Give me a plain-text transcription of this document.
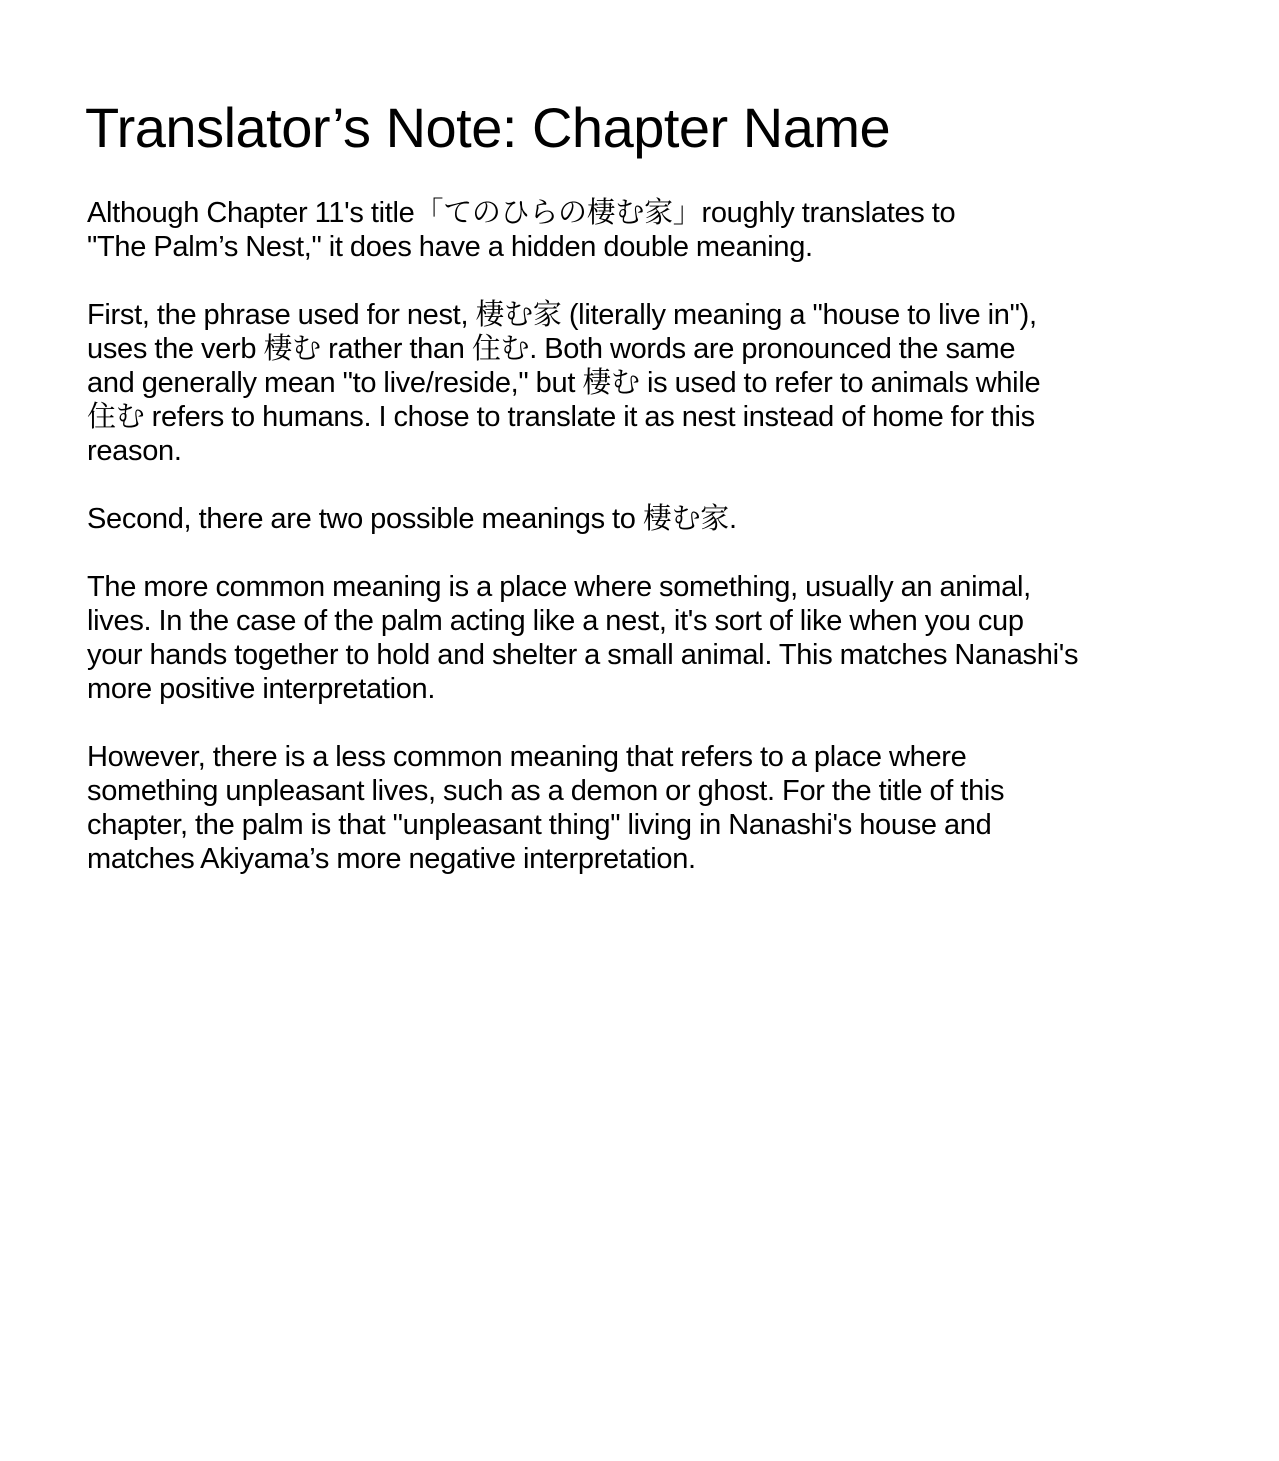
Translator’s Note: Chapter Name

Although Chapter 11's title「てのひらの棲む家」roughly translates to
"The Palm’s Nest," it does have a hidden double meaning.

First, the phrase used for nest, 棲む家 (literally meaning a "house to live in"),
uses the verb 棲む rather than 住む. Both words are pronounced the same
and generally mean "to live/reside," but 棲む is used to refer to animals while
住む refers to humans. I chose to translate it as nest instead of home for this
reason.

Second, there are two possible meanings to 棲む家.

The more common meaning is a place where something, usually an animal,
lives. In the case of the palm acting like a nest, it's sort of like when you cup
your hands together to hold and shelter a small animal. This matches Nanashi's
more positive interpretation.

However, there is a less common meaning that refers to a place where
something unpleasant lives, such as a demon or ghost. For the title of this
chapter, the palm is that "unpleasant thing" living in Nanashi's house and
matches Akiyama’s more negative interpretation.
